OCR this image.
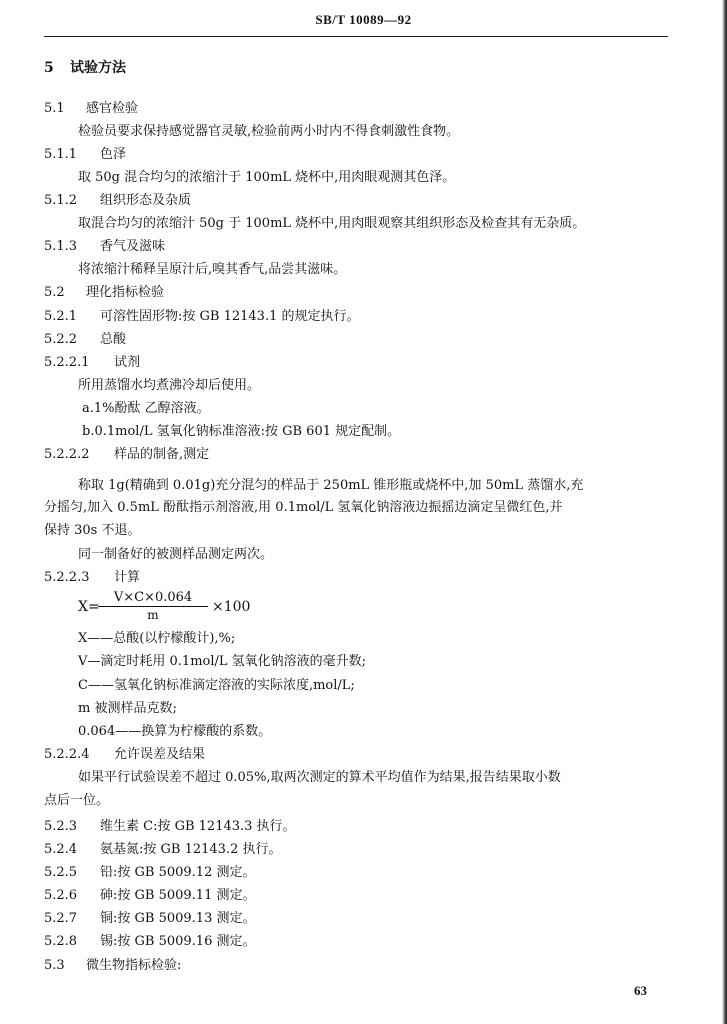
SB/T 10089—92
5 试验方法
5.1 感官检验
检验员要求保持感觉器官灵敏,检验前两小时内不得食刺激性食物。
5.1.1 色泽
取 50g 混合均匀的浓缩汁于 100mL 烧杯中,用肉眼观测其色泽。
5.1.2 组织形态及杂质
取混合均匀的浓缩汁 50g 于 100mL 烧杯中,用肉眼观察其组织形态及检查其有无杂质。
5.1.3 香气及滋味
将浓缩汁稀释呈原汁后,嗅其香气,品尝其滋味。
5.2 理化指标检验
5.2.1 可溶性固形物:按 GB 12143.1 的规定执行。
5.2.2 总酸
5.2.2.1 试剂
所用蒸馏水均煮沸冷却后使用。
a.1%酚酞 乙醇溶液。
b.0.1mol/L 氢氧化钠标准溶液:按 GB 601 规定配制。
5.2.2.2 样品的制备,测定
称取 1g(精确到 0.01g)充分混匀的样品于 250mL 锥形瓶或烧杯中,加 50mL 蒸馏水,充
分摇匀,加入 0.5mL 酚酞指示剂溶液,用 0.1mol/L 氢氧化钠溶液边振摇边滴定呈微红色,并
保持 30s 不退。
同一制备好的被测样品测定两次。
5.2.2.3 计算
X=
$\frac{V\times C\times 0.064}{m} \times 100$
X——总酸(以柠檬酸计),%;
V—滴定时耗用 0.1mol/L 氢氧化钠溶液的毫升数;
C——氢氧化钠标准滴定溶液的实际浓度,mol/L;
m 被测样品克数;
0.064——换算为柠檬酸的系数。
5.2.2.4 允许误差及结果
如果平行试验误差不超过 0.05%,取两次测定的算术平均值作为结果,报告结果取小数
点后一位。
5.2.3 维生素 C:按 GB 12143.3 执行。
5.2.4 氨基氮:按 GB 12143.2 执行。
5.2.5 铅:按 GB 5009.12 测定。
5.2.6 砷:按 GB 5009.11 测定。
5.2.7 铜:按 GB 5009.13 测定。
5.2.8 锡:按 GB 5009.16 测定。
5.3 微生物指标检验:
63
